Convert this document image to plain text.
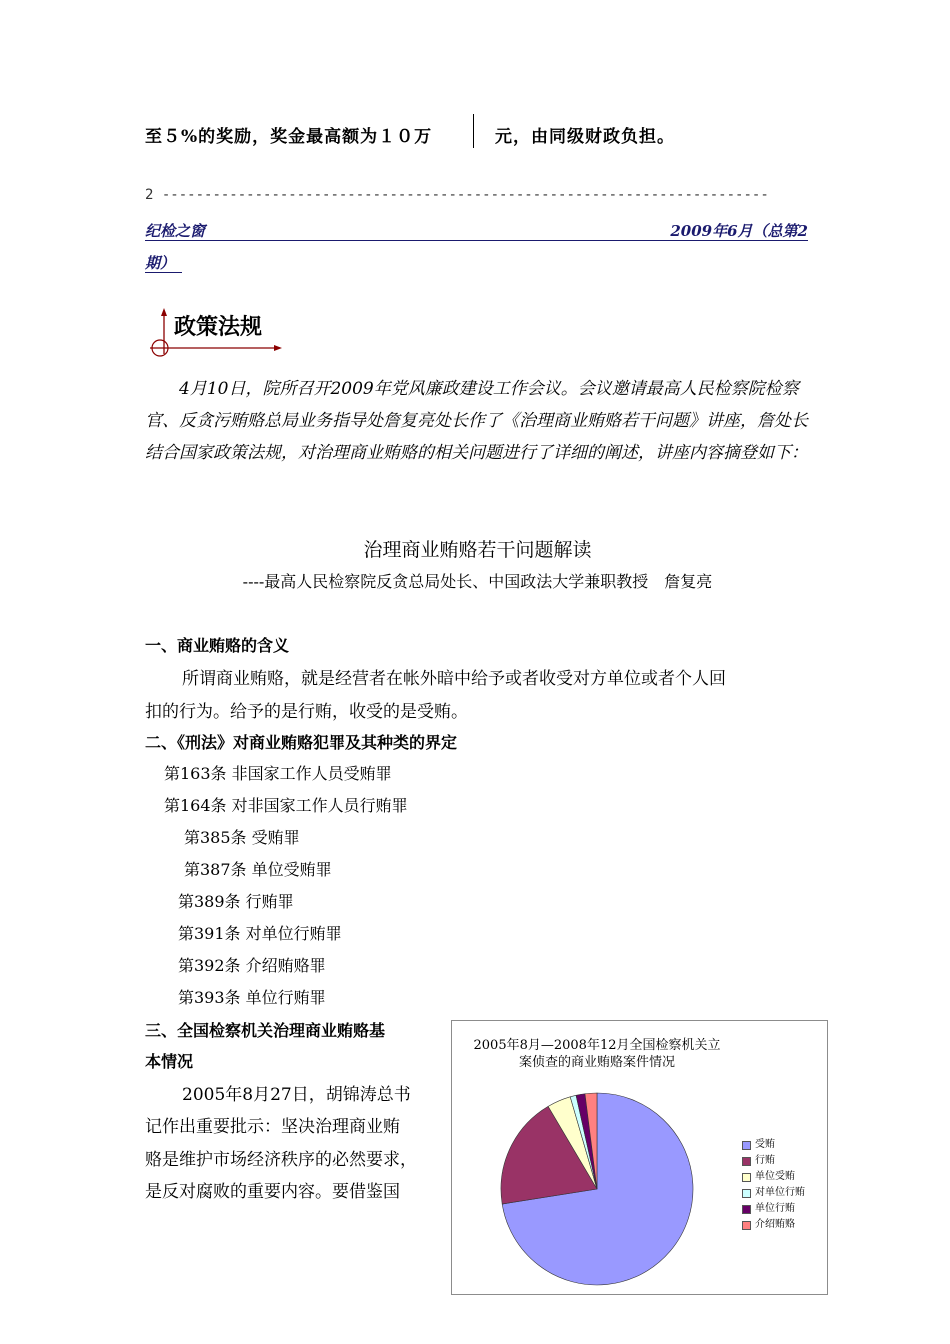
至５%的奖励，奖金最高额为１０万	元，由同级财政负担。
2 ------------------------------------------------------------------------
纪检之窗	2009年6月（总第2
期）
政策法规
4月10日，院所召开2009年党风廉政建设工作会议。会议邀请最高人民检察院检察官、反贪污贿赂总局业务指导处詹复亮处长作了《治理商业贿赂若干问题》讲座，詹处长结合国家政策法规，对治理商业贿赂的相关问题进行了详细的阐述，讲座内容摘登如下：
治理商业贿赂若干问题解读
----最高人民检察院反贪总局处长、中国政法大学兼职教授　詹复亮
一、商业贿赂的含义
所谓商业贿赂，就是经营者在帐外暗中给予或者收受对方单位或者个人回
扣的行为。给予的是行贿，收受的是受贿。
二、《刑法》对商业贿赂犯罪及其种类的界定
第163条 非国家工作人员受贿罪
第164条 对非国家工作人员行贿罪
第385条 受贿罪
第387条 单位受贿罪
第389条 行贿罪
第391条 对单位行贿罪
第392条 介绍贿赂罪
第393条 单位行贿罪
三、全国检察机关治理商业贿赂基
本情况
2005年8月27日，胡锦涛总书
记作出重要批示：坚决治理商业贿
赂是维护市场经济秩序的必然要求，
是反对腐败的重要内容。要借鉴国
2005年8月—2008年12月全国检察机关立
案侦查的商业贿赂案件情况
受贿
行贿
单位受贿
对单位行贿
单位行贿
介绍贿赂
